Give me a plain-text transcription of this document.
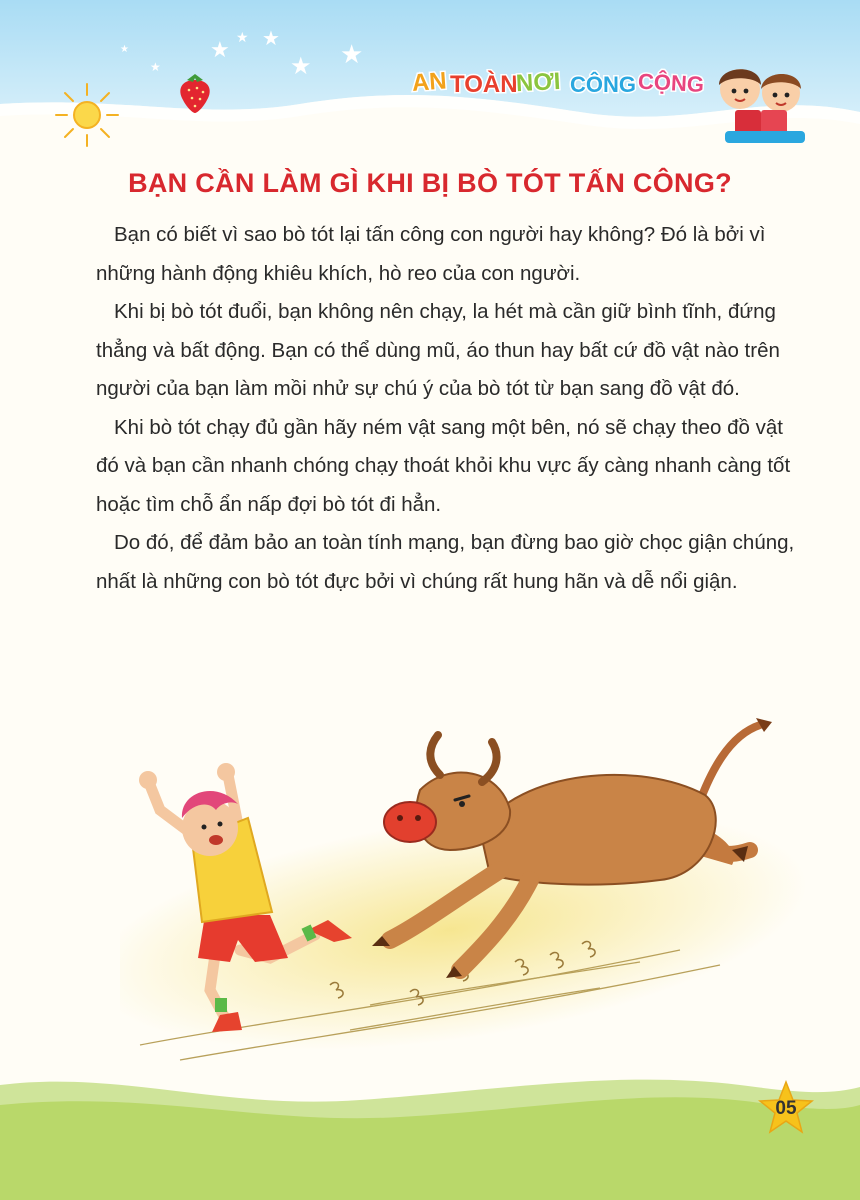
★ ★ ★
★ ★
★
★
AN TOÀN
NƠI CÔNG CỘNG
BẠN CẦN LÀM GÌ KHI BỊ BÒ TÓT TẤN CÔNG?

Bạn có biết vì sao bò tót lại tấn công con người hay không? Đó là bởi vì những hành động khiêu khích, hò reo của con người.

Khi bị bò tót đuổi, bạn không nên chạy, la hét mà cần giữ bình tĩnh, đứng thẳng và bất động. Bạn có thể dùng mũ, áo thun hay bất cứ đồ vật nào trên người của bạn làm mồi nhử sự chú ý của bò tót từ bạn sang đồ vật đó.

Khi bò tót chạy đủ gần hãy ném vật sang một bên, nó sẽ chạy theo đồ vật đó và bạn cần nhanh chóng chạy thoát khỏi khu vực ấy càng nhanh càng tốt hoặc tìm chỗ ẩn nấp đợi bò tót đi hẳn.

Do đó, để đảm bảo an toàn tính mạng, bạn đừng bao giờ chọc giận chúng, nhất là những con bò tót đực bởi vì chúng rất hung hãn và dễ nổi giận.

05
